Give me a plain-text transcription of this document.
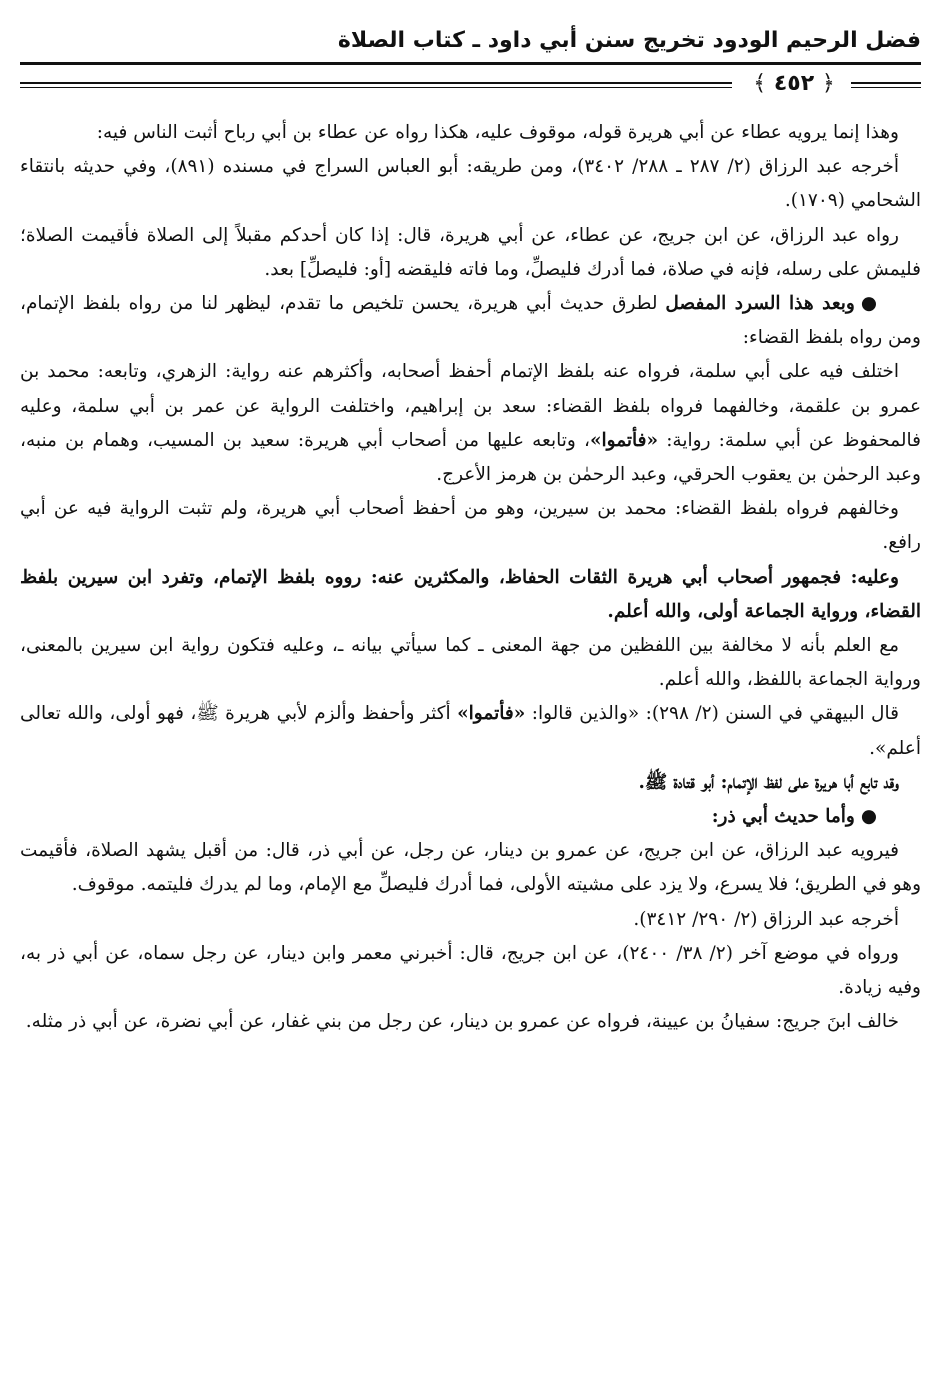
فضل الرحيم الودود تخريج سنن أبي داود ـ كتاب الصلاة
﴾ ٤٥٢ ﴿

وهذا إنما يرويه عطاء عن أبي هريرة قوله، موقوف عليه، هكذا رواه عن عطاء بن أبي رباح أثبت الناس فيه:

أخرجه عبد الرزاق (٢/ ٢٨٧ ـ ٢٨٨/ ٣٤٠٢)، ومن طريقه: أبو العباس السراج في مسنده (٨٩١)، وفي حديثه بانتقاء الشحامي (١٧٠٩).

رواه عبد الرزاق، عن ابن جريج، عن عطاء، عن أبي هريرة، قال: إذا كان أحدكم مقبلاً إلى الصلاة فأقيمت الصلاة؛ فليمش على رسله، فإنه في صلاة، فما أدرك فليصلِّ، وما فاته فليقضه [أو: فليصلِّ] بعد.

●وبعد هذا السرد المفصل لطرق حديث أبي هريرة، يحسن تلخيص ما تقدم، ليظهر لنا من رواه بلفظ الإتمام، ومن رواه بلفظ القضاء:

اختلف فيه على أبي سلمة، فرواه عنه بلفظ الإتمام أحفظ أصحابه، وأكثرهم عنه رواية: الزهري، وتابعه: محمد بن عمرو بن علقمة، وخالفهما فرواه بلفظ القضاء: سعد بن إبراهيم، واختلفت الرواية عن عمر بن أبي سلمة، وعليه فالمحفوظ عن أبي سلمة: رواية: «فأتموا»، وتابعه عليها من أصحاب أبي هريرة: سعيد بن المسيب، وهمام بن منبه، وعبد الرحمٰن بن يعقوب الحرقي، وعبد الرحمٰن بن هرمز الأعرج.

وخالفهم فرواه بلفظ القضاء: محمد بن سيرين، وهو من أحفظ أصحاب أبي هريرة، ولم تثبت الرواية فيه عن أبي رافع.

وعليه: فجمهور أصحاب أبي هريرة الثقات الحفاظ، والمكثرين عنه: رووه بلفظ الإتمام، وتفرد ابن سيرين بلفظ القضاء، ورواية الجماعة أولى، والله أعلم.

مع العلم بأنه لا مخالفة بين اللفظين من جهة المعنى ـ كما سيأتي بيانه ـ، وعليه فتكون رواية ابن سيرين بالمعنى، ورواية الجماعة باللفظ، والله أعلم.

قال البيهقي في السنن (٢/ ٢٩٨): «والذين قالوا: «فأتموا» أكثر وأحفظ وألزم لأبي هريرة ﷺ، فهو أولى، والله تعالى أعلم».

وقد تابع أبا هريرة على لفظ الإتمام: أبو قتادة ﷺ.

●وأما حديث أبي ذر:

فيرويه عبد الرزاق، عن ابن جريج، عن عمرو بن دينار، عن رجل، عن أبي ذر، قال: من أقبل يشهد الصلاة، فأقيمت وهو في الطريق؛ فلا يسرع، ولا يزد على مشيته الأولى، فما أدرك فليصلِّ مع الإمام، وما لم يدرك فليتمه. موقوف.

أخرجه عبد الرزاق (٢/ ٢٩٠/ ٣٤١٢).

ورواه في موضع آخر (٢/ ٣٨/ ٢٤٠٠)، عن ابن جريج، قال: أخبرني معمر وابن دينار، عن رجل سماه، عن أبي ذر به، وفيه زيادة.

خالف ابنَ جريج: سفيانُ بن عيينة، فرواه عن عمرو بن دينار، عن رجل من بني غفار، عن أبي نضرة، عن أبي ذر مثله.
